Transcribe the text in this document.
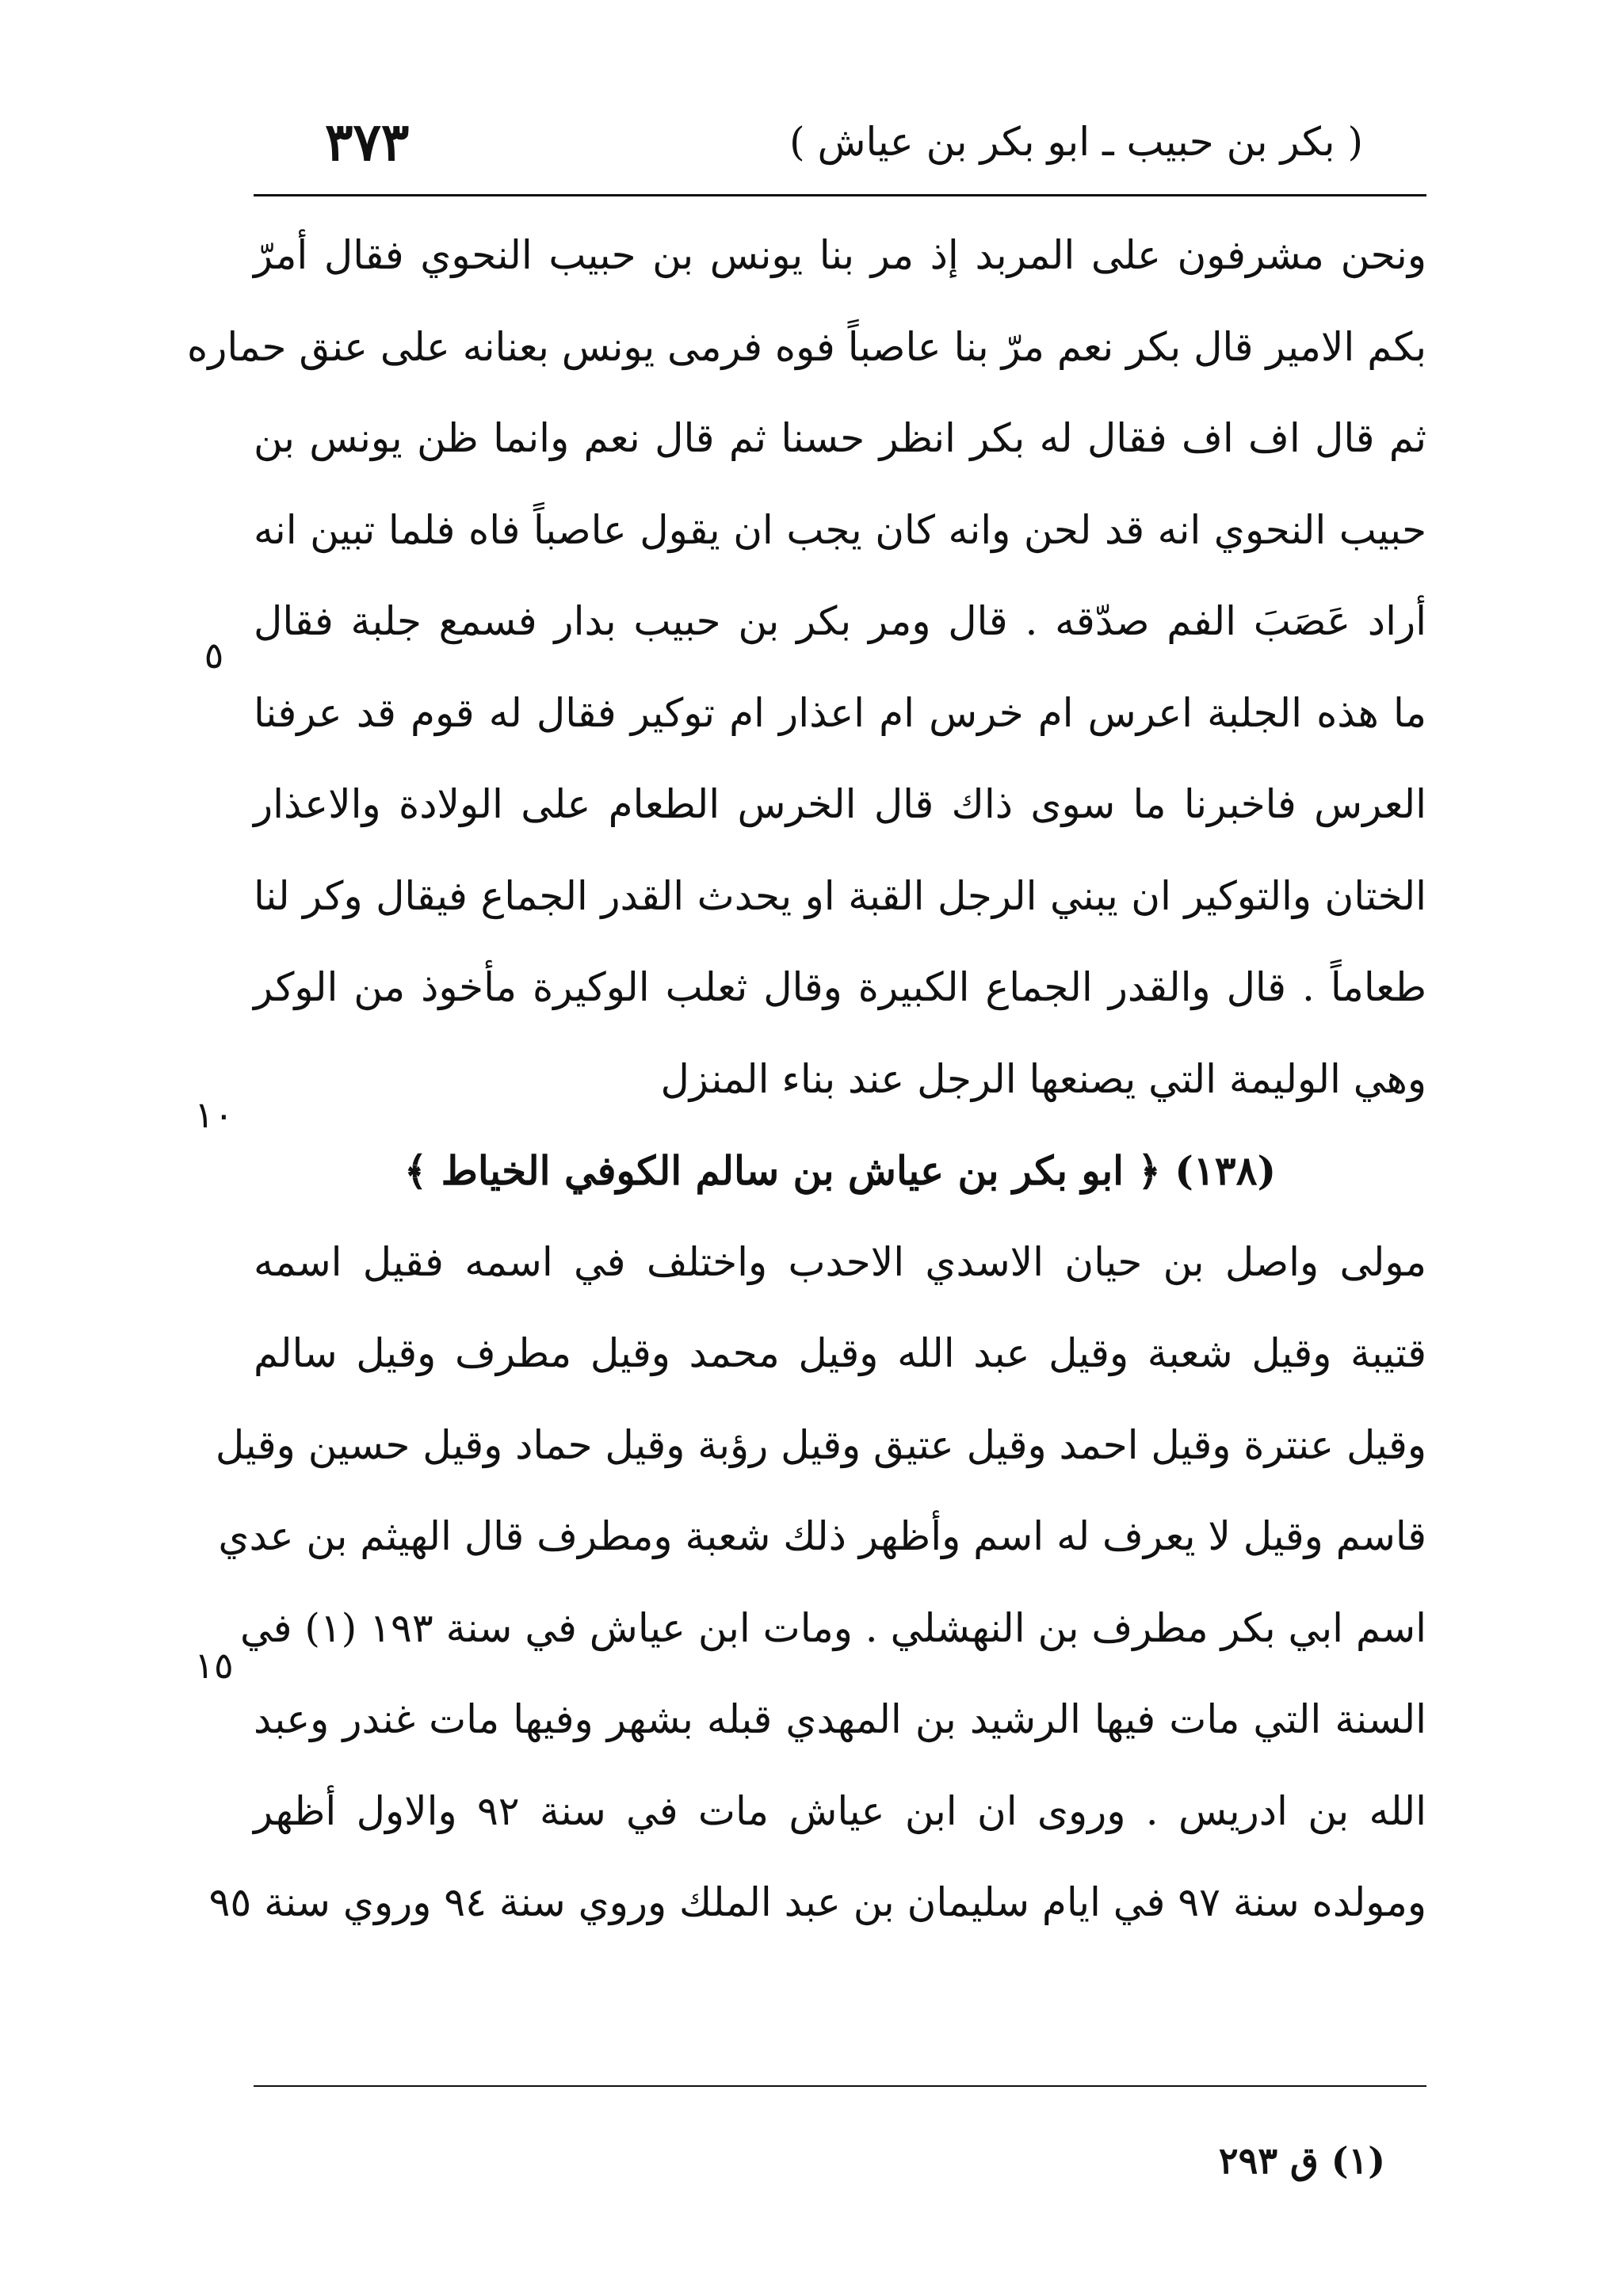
٣٧٣	( بكر بن حبيب ـ ابو بكر بن عياش )
ونحن مشرفون على المربد إذ مر بنا يونس بن حبيب النحوي فقال أمرّ
بكم الامير قال بكر نعم مرّ بنا عاصباً فوه فرمى يونس بعنانه على عنق حماره
ثم قال اف اف فقال له بكر انظر حسنا ثم قال نعم وانما ظن يونس بن
حبيب النحوي انه قد لحن وانه كان يجب ان يقول عاصباً فاه فلما تبين انه
أراد عَصَبَ الفم صدّقه . قال ومر بكر بن حبيب بدار فسمع جلبة فقال
ما هذه الجلبة اعرس ام خرس ام اعذار ام توكير فقال له قوم قد عرفنا
العرس فاخبرنا ما سوى ذاك قال الخرس الطعام على الولادة والاعذار
الختان والتوكير ان يبني الرجل القبة او يحدث القدر الجماع فيقال وكر لنا
طعاماً . قال والقدر الجماع الكبيرة وقال ثعلب الوكيرة مأخوذ من الوكر
وهي الوليمة التي يصنعها الرجل عند بناء المنزل
(١٣٨) ﴿ ابو بكر بن عياش بن سالم الكوفي الخياط ﴾
مولى واصل بن حيان الاسدي الاحدب واختلف في اسمه فقيل اسمه
قتيبة وقيل شعبة وقيل عبد الله وقيل محمد وقيل مطرف وقيل سالم
وقيل عنترة وقيل احمد وقيل عتيق وقيل رؤبة وقيل حماد وقيل حسين وقيل
قاسم وقيل لا يعرف له اسم وأظهر ذلك شعبة ومطرف قال الهيثم بن عدي
اسم ابي بكر مطرف بن النهشلي . ومات ابن عياش في سنة ١٩٣ (١) في
السنة التي مات فيها الرشيد بن المهدي قبله بشهر وفيها مات غندر وعبد
الله بن ادريس . وروى ان ابن عياش مات في سنة ٩٢ والاول أظهر
ومولده سنة ٩٧ في ايام سليمان بن عبد الملك وروي سنة ٩٤ وروي سنة ٩٥
٥
١٠
١٥
(١) ق ٢٩٣
